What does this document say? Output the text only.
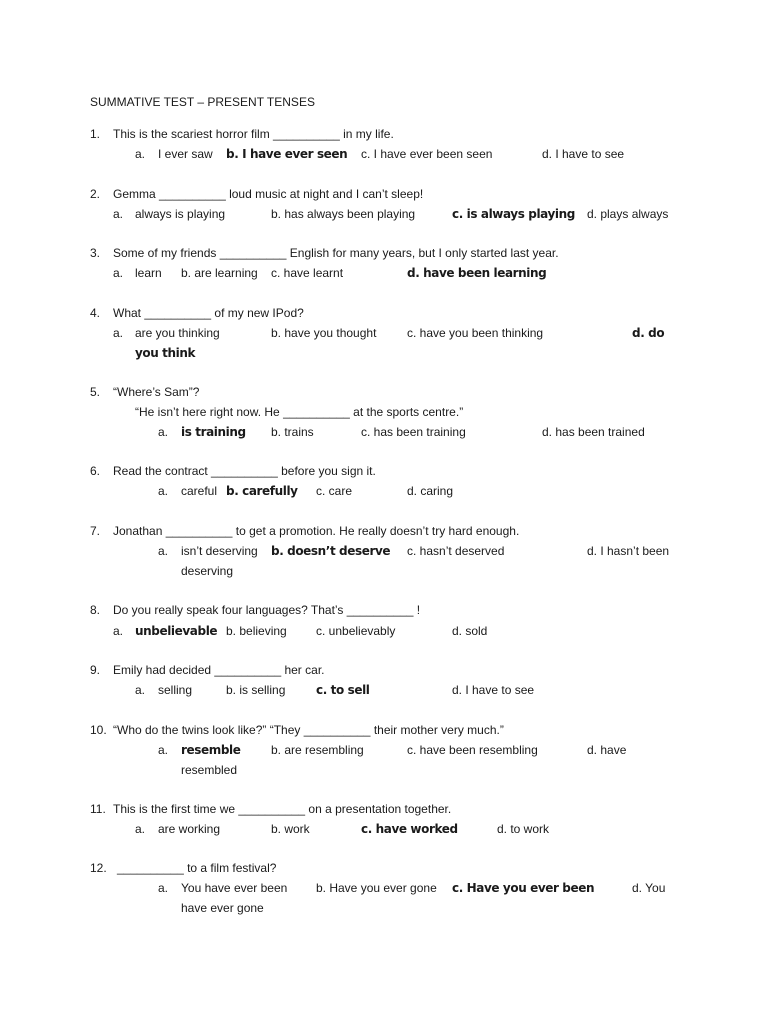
SUMMATIVE TEST – PRESENT TENSES
1. This is the scariest horror film __________ in my life.
a. I ever saw b. I have ever seen c. I have ever been seen	d. I have to see
2. Gemma __________ loud music at night and I can’t sleep!
a. always is playing	b. has always been playing	c. is always playing d. plays always
3. Some of my friends __________ English for many years, but I only started last year.
a. learn b. are learning c. have learnt	d. have been learning
4. What __________ of my new IPod?
a. are you thinking	b. have you thought	c. have you been thinking	d. do
you think
5. “Where’s Sam”?
“He isn’t here right now. He __________ at the sports centre.”
a. is training b. trains	c. has been training	d. has been trained
6. Read the contract __________ before you sign it.
a. careful b. carefully c. care	d. caring
7. Jonathan __________ to get a promotion. He really doesn’t try hard enough.
a. isn’t deserving b. doesn’t deserve c. hasn’t deserved	d. I hasn’t been
deserving
8. Do you really speak four languages? That’s __________ !
a. unbelievable b. believing c. unbelievably	d. sold
9. Emily had decided __________ her car.
a. selling	b. is selling	c. to sell	d. I have to see
10. “Who do the twins look like?” “They __________ their mother very much.”
a. resemble	b. are resembling	c. have been resembling	d. have
resembled
11. This is the first time we __________ on a presentation together.
a. are working	b. work	c. have worked	d. to work
12. __________ to a film festival?
a. You have ever been b. Have you ever gone c. Have you ever been	d. You
have ever gone
